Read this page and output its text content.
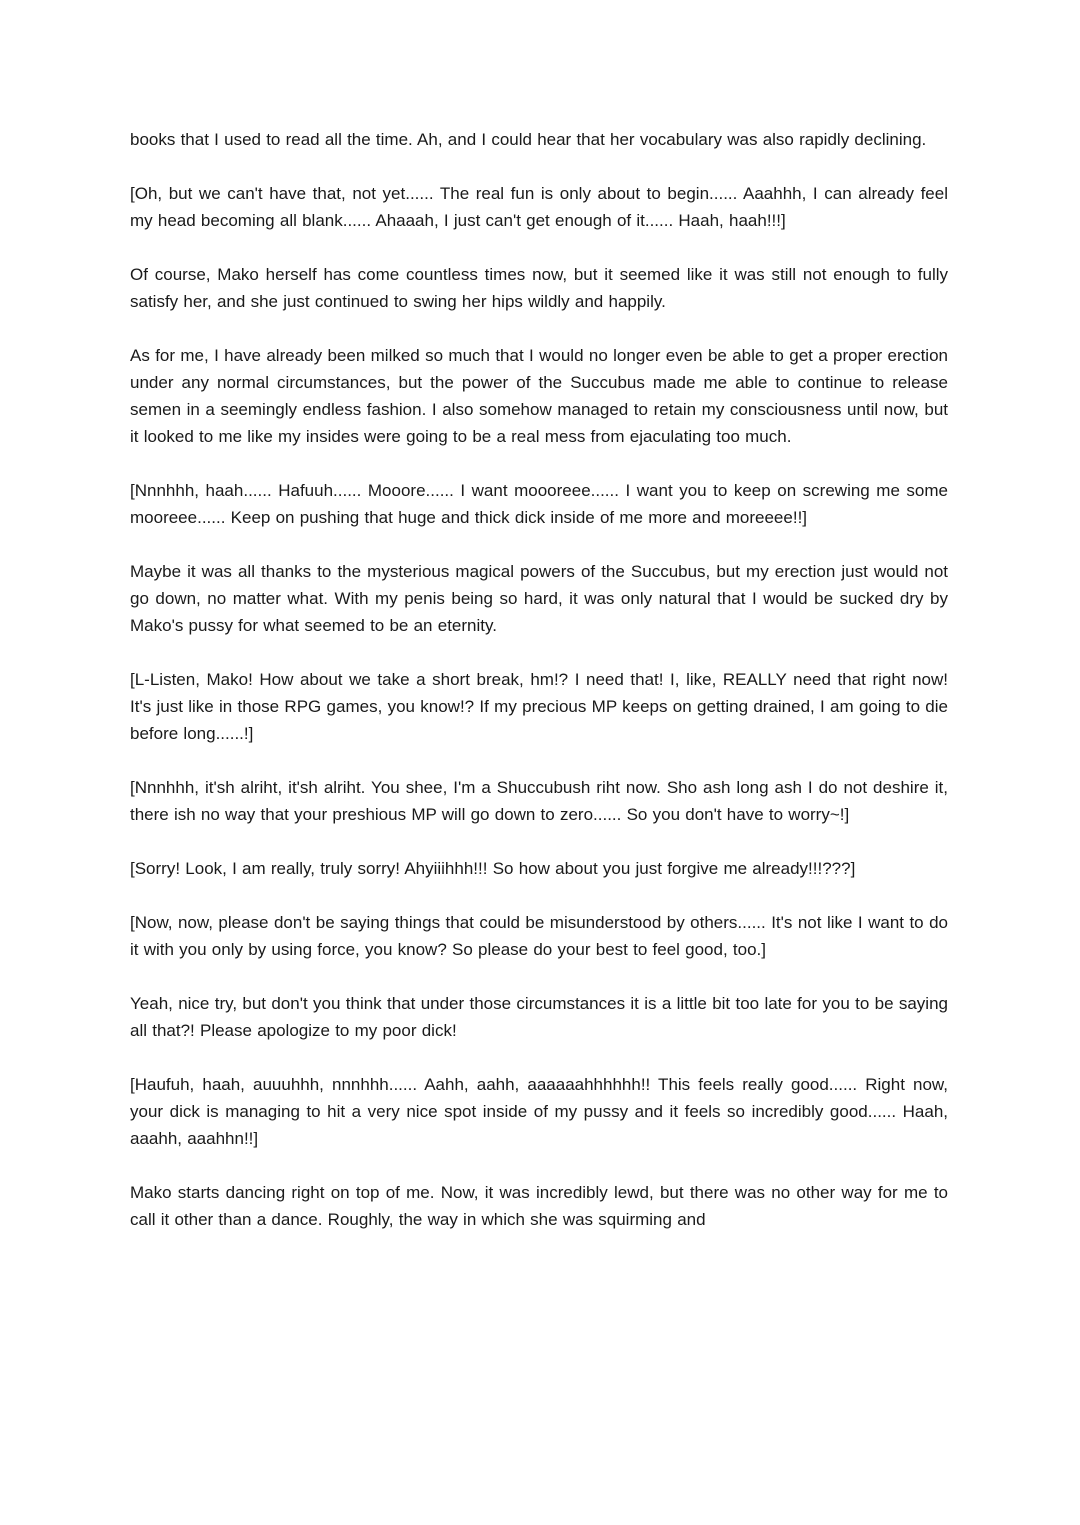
books that I used to read all the time. Ah, and I could hear that her vocabulary was also rapidly declining.

[Oh, but we can't have that, not yet...... The real fun is only about to begin...... Aaahhh, I can already feel my head becoming all blank...... Ahaaah, I just can't get enough of it...... Haah, haah!!!]

Of course, Mako herself has come countless times now, but it seemed like it was still not enough to fully satisfy her, and she just continued to swing her hips wildly and happily.

As for me, I have already been milked so much that I would no longer even be able to get a proper erection under any normal circumstances, but the power of the Succubus made me able to continue to release semen in a seemingly endless fashion. I also somehow managed to retain my consciousness until now, but it looked to me like my insides were going to be a real mess from ejaculating too much.

[Nnnhhh, haah...... Hafuuh...... Mooore...... I want moooreee...... I want you to keep on screwing me some mooreee...... Keep on pushing that huge and thick dick inside of me more and moreeee!!]

Maybe it was all thanks to the mysterious magical powers of the Succubus, but my erection just would not go down, no matter what. With my penis being so hard, it was only natural that I would be sucked dry by Mako's pussy for what seemed to be an eternity.

[L-Listen, Mako! How about we take a short break, hm!? I need that! I, like, REALLY need that right now! It's just like in those RPG games, you know!? If my precious MP keeps on getting drained, I am going to die before long......!]

[Nnnhhh, it'sh alriht, it'sh alriht. You shee, I'm a Shuccubush riht now. Sho ash long ash I do not deshire it, there ish no way that your preshious MP will go down to zero...... So you don't have to worry~!]

[Sorry! Look, I am really, truly sorry! Ahyiiihhh!!! So how about you just forgive me already!!!???]

[Now, now, please don't be saying things that could be misunderstood by others...... It's not like I want to do it with you only by using force, you know? So please do your best to feel good, too.]

Yeah, nice try, but don't you think that under those circumstances it is a little bit too late for you to be saying all that?! Please apologize to my poor dick!

[Haufuh, haah, auuuhhh, nnnhhh...... Aahh, aahh, aaaaaahhhhhh!! This feels really good...... Right now, your dick is managing to hit a very nice spot inside of my pussy and it feels so incredibly good...... Haah, aaahh, aaahhn!!]

Mako starts dancing right on top of me. Now, it was incredibly lewd, but there was no other way for me to call it other than a dance. Roughly, the way in which she was squirming and
